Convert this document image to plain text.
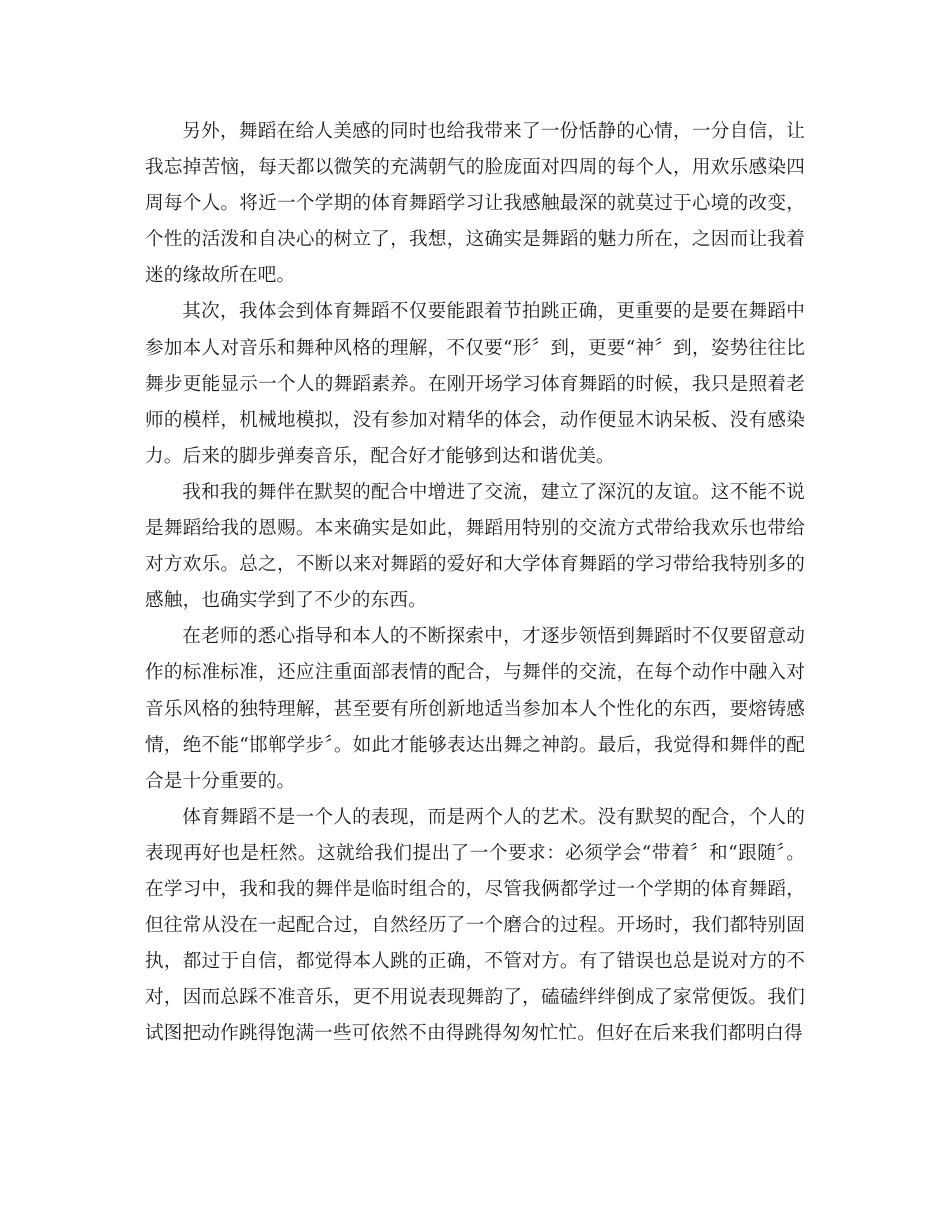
另外，舞蹈在给人美感的同时也给我带来了一份恬静的心情，一分自信，让我忘掉苦恼，每天都以微笑的充满朝气的脸庞面对四周的每个人，用欢乐感染四周每个人。将近一个学期的体育舞蹈学习让我感触最深的就莫过于心境的改变，个性的活泼和自决心的树立了，我想，这确实是舞蹈的魅力所在，之因而让我着迷的缘故所在吧。

其次，我体会到体育舞蹈不仅要能跟着节拍跳正确，更重要的是要在舞蹈中参加本人对音乐和舞种风格的理解，不仅要“形〞到，更要“神〞到，姿势往往比舞步更能显示一个人的舞蹈素养。在刚开场学习体育舞蹈的时候，我只是照着老师的模样，机械地模拟，没有参加对精华的体会，动作便显木讷呆板、没有感染力。后来的脚步弹奏音乐，配合好才能够到达和谐优美。

我和我的舞伴在默契的配合中增进了交流，建立了深沉的友谊。这不能不说是舞蹈给我的恩赐。本来确实是如此，舞蹈用特别的交流方式带给我欢乐也带给对方欢乐。总之，不断以来对舞蹈的爱好和大学体育舞蹈的学习带给我特别多的感触，也确实学到了不少的东西。

在老师的悉心指导和本人的不断探索中，才逐步领悟到舞蹈时不仅要留意动作的标准标准，还应注重面部表情的配合，与舞伴的交流，在每个动作中融入对音乐风格的独特理解，甚至要有所创新地适当参加本人个性化的东西，要熔铸感情，绝不能“邯郸学步〞。如此才能够表达出舞之神韵。最后，我觉得和舞伴的配合是十分重要的。

体育舞蹈不是一个人的表现，而是两个人的艺术。没有默契的配合，个人的表现再好也是枉然。这就给我们提出了一个要求：必须学会“带着〞和“跟随〞。在学习中，我和我的舞伴是临时组合的，尽管我俩都学过一个学期的体育舞蹈，但往常从没在一起配合过，自然经历了一个磨合的过程。开场时，我们都特别固执，都过于自信，都觉得本人跳的正确，不管对方。有了错误也总是说对方的不对，因而总踩不准音乐，更不用说表现舞韵了，磕磕绊绊倒成了家常便饭。我们试图把动作跳得饱满一些可依然不由得跳得匆匆忙忙。但好在后来我们都明白得
